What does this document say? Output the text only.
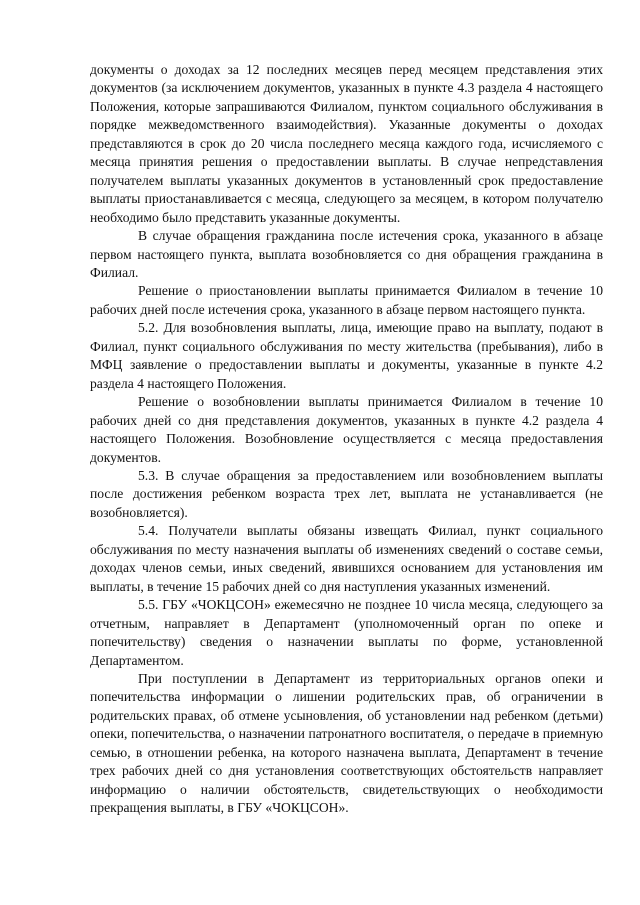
документы о доходах за 12 последних месяцев перед месяцем представления этих документов (за исключением документов, указанных в пункте 4.3 раздела 4 настоящего Положения, которые запрашиваются Филиалом, пунктом социального обслуживания в порядке межведомственного взаимодействия). Указанные документы о доходах представляются в срок до 20 числа последнего месяца каждого года, исчисляемого с месяца принятия решения о предоставлении выплаты. В случае непредставления получателем выплаты указанных документов в установленный срок предоставление выплаты приостанавливается с месяца, следующего за месяцем, в котором получателю необходимо было представить указанные документы.

В случае обращения гражданина после истечения срока, указанного в абзаце первом настоящего пункта, выплата возобновляется со дня обращения гражданина в Филиал.

Решение о приостановлении выплаты принимается Филиалом в течение 10 рабочих дней после истечения срока, указанного в абзаце первом настоящего пункта.

5.2. Для возобновления выплаты, лица, имеющие право на выплату, подают в Филиал, пункт социального обслуживания по месту жительства (пребывания), либо в МФЦ заявление о предоставлении выплаты и документы, указанные в пункте 4.2 раздела 4 настоящего Положения.

Решение о возобновлении выплаты принимается Филиалом в течение 10 рабочих дней со дня представления документов, указанных в пункте 4.2 раздела 4 настоящего Положения. Возобновление осуществляется с месяца предоставления документов.

5.3. В случае обращения за предоставлением или возобновлением выплаты после достижения ребенком возраста трех лет, выплата не устанавливается (не возобновляется).

5.4. Получатели выплаты обязаны извещать Филиал, пункт социального обслуживания по месту назначения выплаты об изменениях сведений о составе семьи, доходах членов семьи, иных сведений, явившихся основанием для установления им выплаты, в течение 15 рабочих дней со дня наступления указанных изменений.

5.5. ГБУ «ЧОКЦСОН» ежемесячно не позднее 10 числа месяца, следующего за отчетным, направляет в Департамент (уполномоченный орган по опеке и попечительству) сведения о назначении выплаты по форме, установленной Департаментом.

При поступлении в Департамент из территориальных органов опеки и попечительства информации о лишении родительских прав, об ограничении в родительских правах, об отмене усыновления, об установлении над ребенком (детьми) опеки, попечительства, о назначении патронатного воспитателя, о передаче в приемную семью, в отношении ребенка, на которого назначена выплата, Департамент в течение трех рабочих дней со дня установления соответствующих обстоятельств направляет информацию о наличии обстоятельств, свидетельствующих о необходимости прекращения выплаты, в ГБУ «ЧОКЦСОН».
